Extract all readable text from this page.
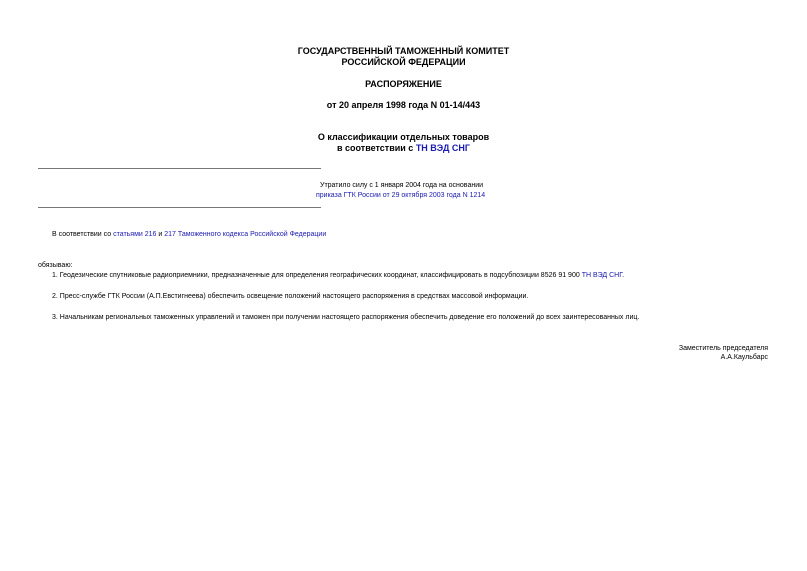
ГОСУДАРСТВЕННЫЙ ТАМОЖЕННЫЙ КОМИТЕТ
РОССИЙСКОЙ ФЕДЕРАЦИИ
РАСПОРЯЖЕНИЕ
от 20 апреля 1998 года N 01-14/443
О классификации отдельных товаров
в соответствии с ТН ВЭД СНГ
Утратило силу с 1 января 2004 года на основании
приказа ГТК России от 29 октября 2003 года N 1214
В соответствии со статьями 216 и 217 Таможенного кодекса Российской Федерации
обязываю:
1. Геодезические спутниковые радиоприемники, предназначенные для определения географических координат, классифицировать в подсубпозиции 8526 91 900 ТН ВЭД СНГ.
2. Пресс-службе ГТК России (А.П.Евстигнеева) обеспечить освещение положений настоящего распоряжения в средствах массовой информации.
3. Начальникам региональных таможенных управлений и таможен при получении настоящего распоряжения обеспечить доведение его положений до всех заинтересованных лиц.
Заместитель председателя
А.А.Каульбарс
